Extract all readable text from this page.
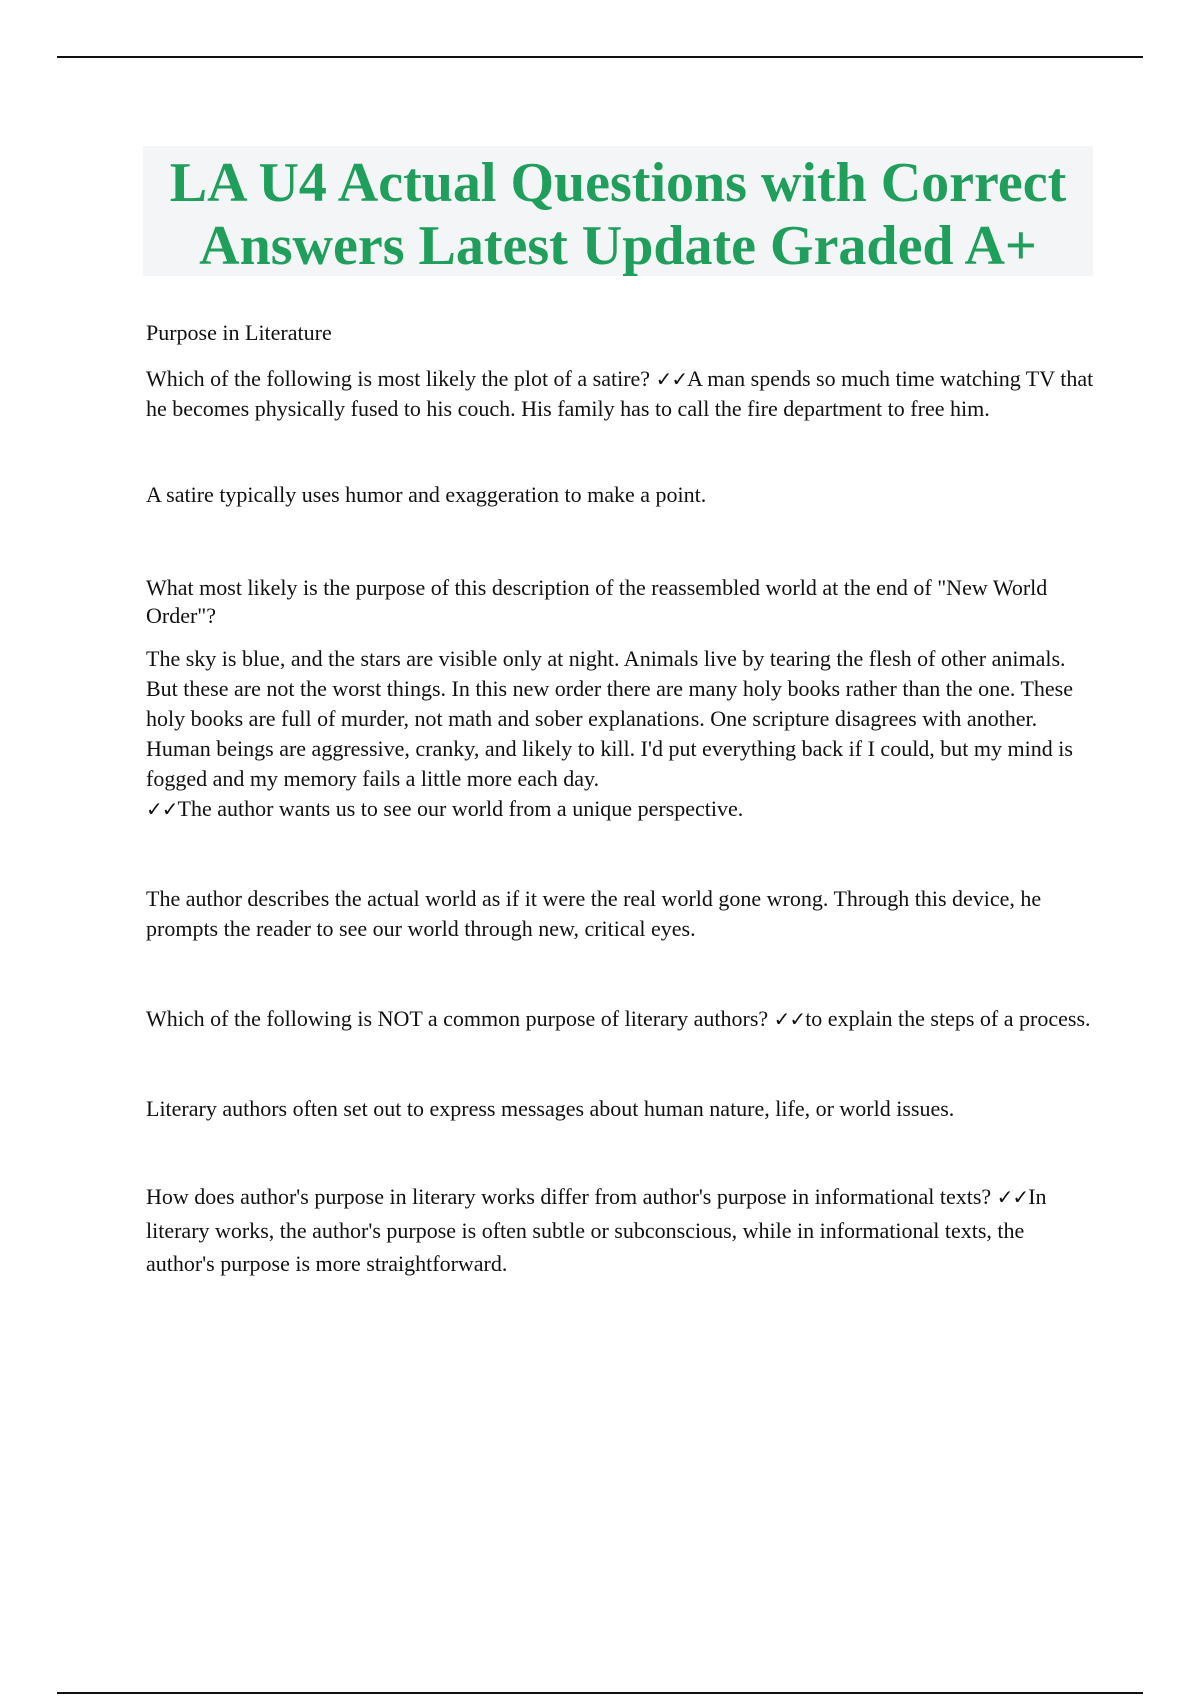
LA U4 Actual Questions with Correct
Answers Latest Update Graded A+

Purpose in Literature

Which of the following is most likely the plot of a satire? ✓✓A man spends so much time watching TV that he becomes physically fused to his couch. His family has to call the fire department to free him.

A satire typically uses humor and exaggeration to make a point.

What most likely is the purpose of this description of the reassembled world at the end of "New World Order"?

The sky is blue, and the stars are visible only at night. Animals live by tearing the flesh of other animals. But these are not the worst things. In this new order there are many holy books rather than the one. These holy books are full of murder, not math and sober explanations. One scripture disagrees with another. Human beings are aggressive, cranky, and likely to kill. I'd put everything back if I could, but my mind is fogged and my memory fails a little more each day.
✓✓The author wants us to see our world from a unique perspective.

The author describes the actual world as if it were the real world gone wrong. Through this device, he prompts the reader to see our world through new, critical eyes.

Which of the following is NOT a common purpose of literary authors? ✓✓to explain the steps of a process.

Literary authors often set out to express messages about human nature, life, or world issues.

How does author's purpose in literary works differ from author's purpose in informational texts? ✓✓In literary works, the author's purpose is often subtle or subconscious, while in informational texts, the author's purpose is more straightforward.
